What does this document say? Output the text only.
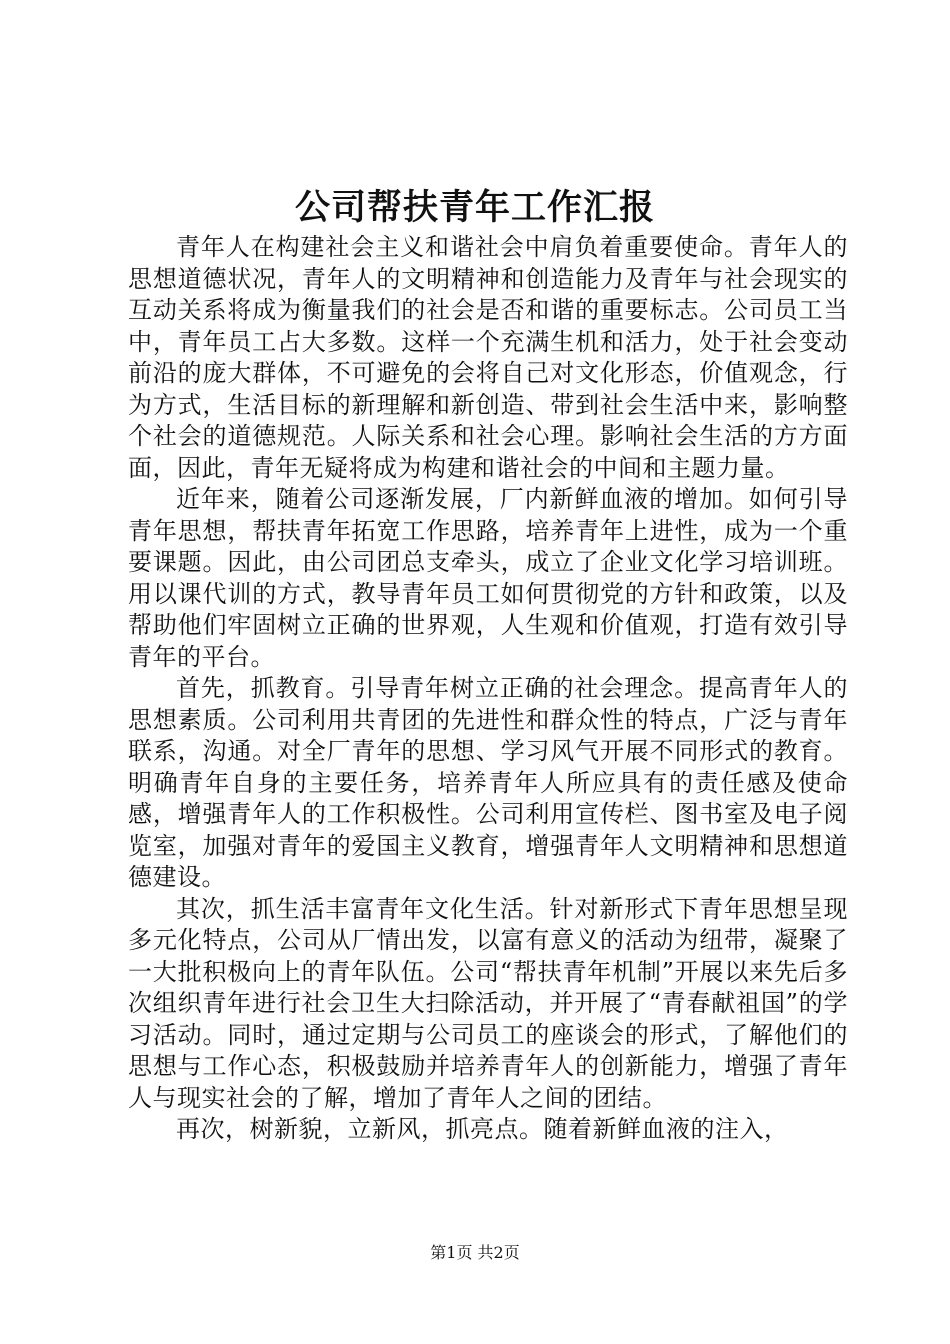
公司帮扶青年工作汇报

青年人在构建社会主义和谐社会中肩负着重要使命。青年人的思想道德状况，青年人的文明精神和创造能力及青年与社会现实的互动关系将成为衡量我们的社会是否和谐的重要标志。公司员工当中，青年员工占大多数。这样一个充满生机和活力，处于社会变动前沿的庞大群体，不可避免的会将自己对文化形态，价值观念，行为方式，生活目标的新理解和新创造、带到社会生活中来，影响整个社会的道德规范。人际关系和社会心理。影响社会生活的方方面面，因此，青年无疑将成为构建和谐社会的中间和主题力量。

近年来，随着公司逐渐发展，厂内新鲜血液的增加。如何引导青年思想，帮扶青年拓宽工作思路，培养青年上进性，成为一个重要课题。因此，由公司团总支牵头，成立了企业文化学习培训班。用以课代训的方式，教导青年员工如何贯彻党的方针和政策，以及帮助他们牢固树立正确的世界观，人生观和价值观，打造有效引导青年的平台。

首先，抓教育。引导青年树立正确的社会理念。提高青年人的思想素质。公司利用共青团的先进性和群众性的特点，广泛与青年联系，沟通。对全厂青年的思想、学习风气开展不同形式的教育。明确青年自身的主要任务，培养青年人所应具有的责任感及使命感，增强青年人的工作积极性。公司利用宣传栏、图书室及电子阅览室，加强对青年的爱国主义教育，增强青年人文明精神和思想道德建设。

其次，抓生活丰富青年文化生活。针对新形式下青年思想呈现多元化特点，公司从厂情出发，以富有意义的活动为纽带，凝聚了一大批积极向上的青年队伍。公司“帮扶青年机制”开展以来先后多次组织青年进行社会卫生大扫除活动，并开展了“青春献祖国”的学习活动。同时，通过定期与公司员工的座谈会的形式，了解他们的思想与工作心态，积极鼓励并培养青年人的创新能力，增强了青年人与现实社会的了解，增加了青年人之间的团结。

再次，树新貌，立新风，抓亮点。随着新鲜血液的注入，

第1页 共2页
